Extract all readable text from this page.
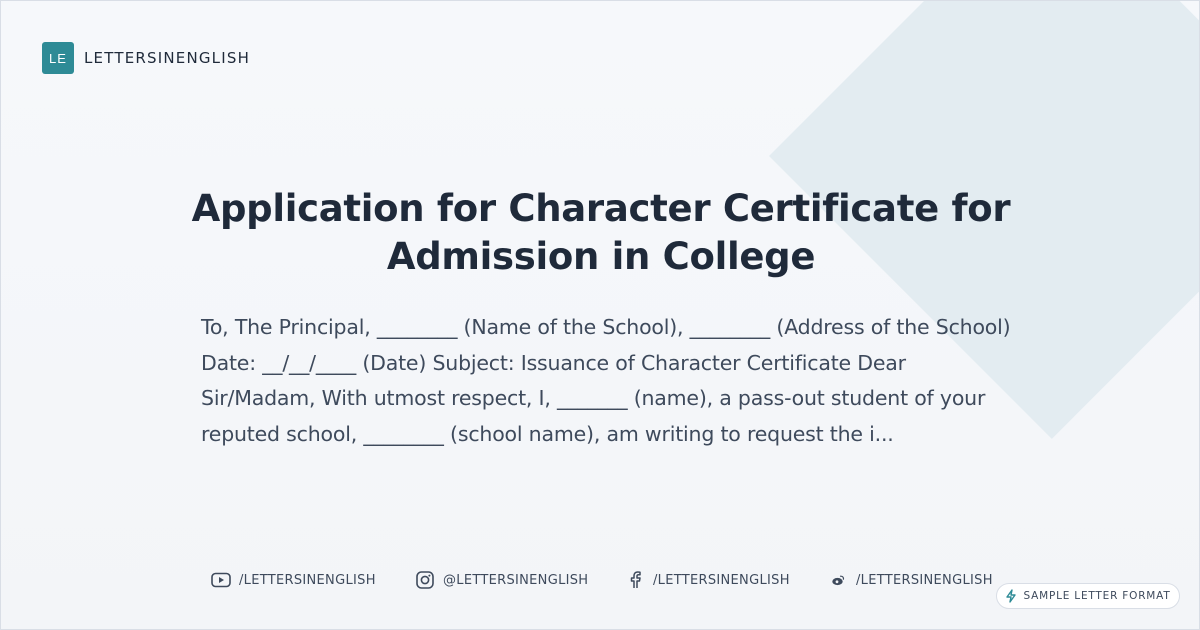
LE	LETTERSINENGLISH
Application for Character Certificate for
Admission in College

To, The Principal, ________ (Name of the School), ________ (Address of the School) Date: __/__/____ (Date) Subject: Issuance of Character Certificate Dear Sir/Madam, With utmost respect, I, _______ (name), a pass-out student of your reputed school, ________ (school name), am writing to request the i...

/LETTERSINENGLISH	@LETTERSINENGLISH	/LETTERSINENGLISH	/LETTERSINENGLISH
SAMPLE LETTER FORMAT
